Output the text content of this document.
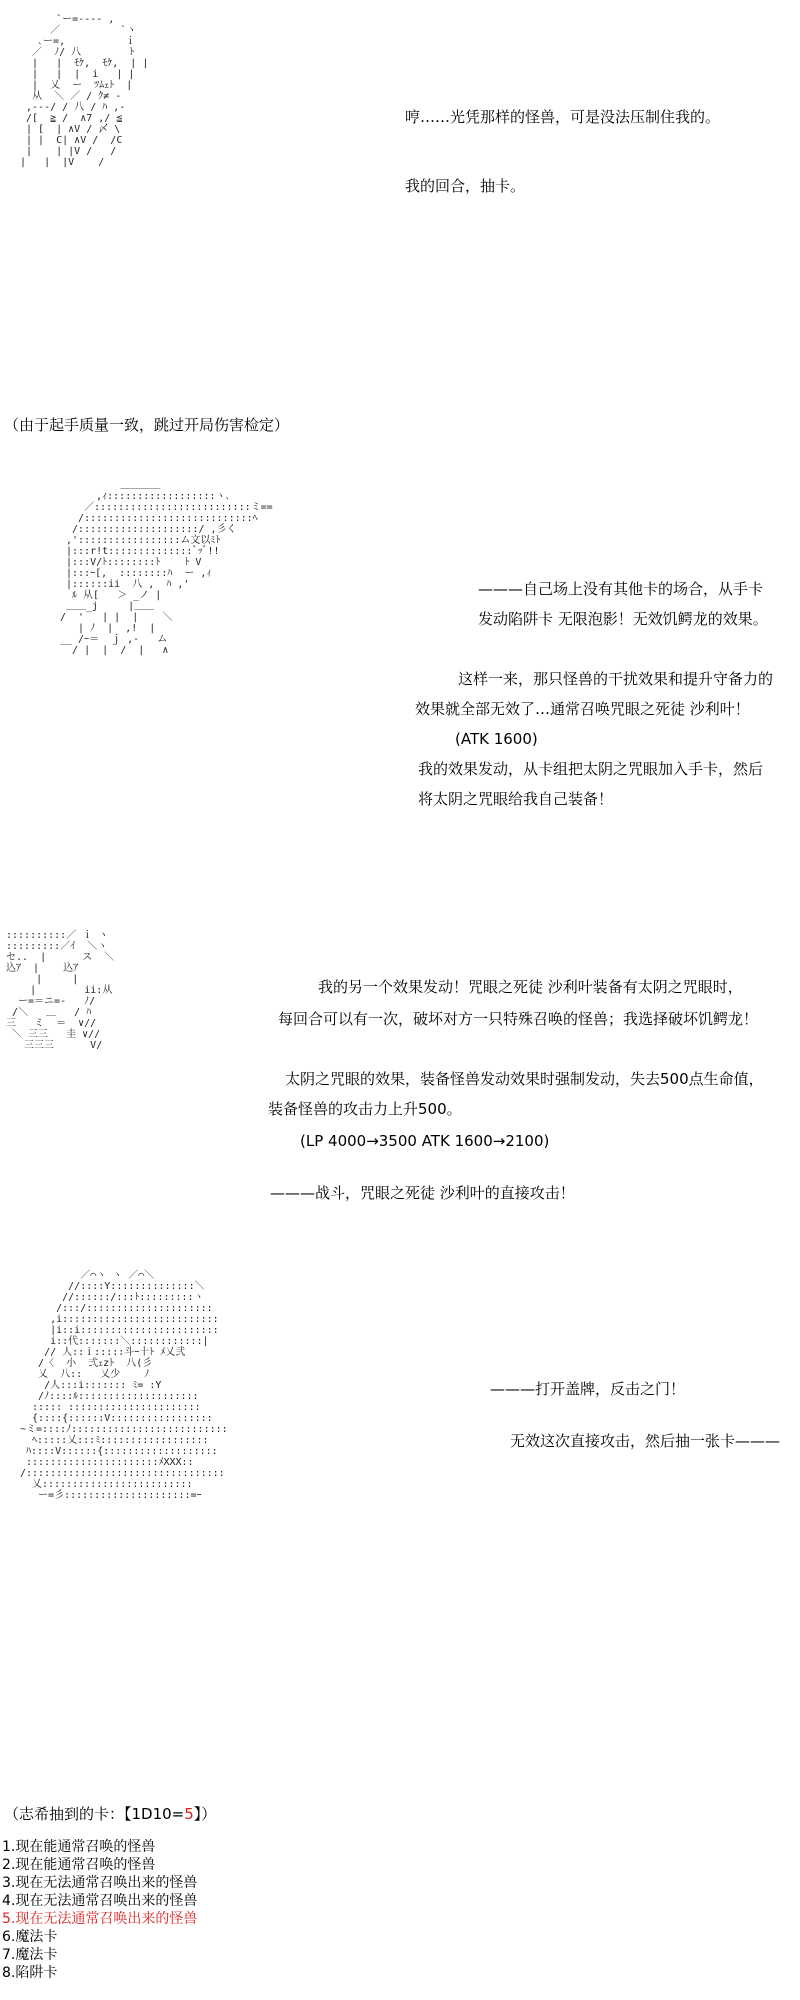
`ー=---‐ ,
／          `ヽ
､ー=,          ｉ
／  ﾉ/ 八        ﾄ
|   |  ﾓｹ,  ﾓｹ,  | |
|   |  |  i   | |
|  乂  ー  ﾂﾑｪﾄ  |
从  ＼ ／ / ｸ≠ ‐
,---/ / 八 / ﾊ ,-
/[  ≧ /  ∧7 ,/ ≦
| [  | ∧V / 〆 \
| |  C| ∧V /  /C
|    | |V /   /
|   |  |V    /

哼……光凭那样的怪兽，可是没法压制住我的。

我的回合，抽卡。

（由于起手质量一致，跳过开局伤害检定）

＿＿＿＿
,ｨ::::::::::::::::::ヽ､
／::::::::::::::::::::::::::ミ==
/::::::::::::::::::::::::::::ﾍ
/::::::::::::::::::::/ ,彡く
,':::::::::::::::::ム文以ﾐﾄ
|:::r!t::::::::::::::ﾞｯﾞ!!
|:::V/ﾄ::::::::ﾄ    ﾄ V
|:::ｰ[,  ::::::::ﾊ  ー ,ｨ
|::::::ii  八 ,  ﾊ ,'
ﾙ 从[   ＞ _ノ |
＿＿_j     |＿＿
/  '   | |  |    ＼
| ﾉ  |  ,!  |
__ /ｰ＝  ｊ ,-   ム
/ |  |  /  |   ∧

———自己场上没有其他卡的场合，从手卡

发动陷阱卡 无限泡影！无效饥鳄龙的效果。

这样一来，那只怪兽的干扰效果和提升守备力的

效果就全部无效了…通常召唤咒眼之死徒 沙利叶！

(ATK 1600)

我的效果发动，从卡组把太阴之咒眼加入手卡，然后

将太阴之咒眼给我自己装备！

::::::::::／ ｉ ヽ
:::::::::／ｲ  ＼ヽ
セ..  |      ス  ＼
込ｱ  |    込ｱ
|     |
|        ii:从
ー=＝ニ=-   ﾉ/
/＼   ＿   / ﾊ
三   ミ  ＝  ∨//
＼ 三三   圭 ∨//
三三三      V/

我的另一个效果发动！咒眼之死徒 沙利叶装备有太阴之咒眼时，

每回合可以有一次，破坏对方一只特殊召唤的怪兽；我选择破坏饥鳄龙！

太阴之咒眼的效果，装备怪兽发动效果时强制发动，失去500点生命值，

装备怪兽的攻击力上升500。

(LP 4000→3500 ATK 1600→2100)

———战斗，咒眼之死徒 沙利叶的直接攻击！

／⌒ヽ ヽ ／⌒＼
//::::Y::::::::::::::＼
//::::::/:::ﾄ:::::::::ヽ
/:::/:::::::::::::::::::::
,i::::::::::::::::::::::::::
|i::i:::::::::::::::::::::::
i::代:::::::＼::::::::::::|
// 人::ｉ:::::斗ｰ十ﾄ ﾒ乂弐
/〈  小  弍ｪzﾄ  八(彡
乂  八::   乂少    ﾉ
/人:::i::::::: ﾐ= :Y
/ﾉ::::ﾙ::::::::::::::::::::
::::: ::::::::::::::::::::::
{::::{::::::V:::::::::::::::::
~ミ=::::ﾉ::::::::::::::::::::::::::
ﾍ:::::乂:::ﾐ::::::::::::::::::
ﾊ::::V::::::{:::::::::::::::::::
::::::::::::::::::::::ﾒXXX::
/:::::::::::::::::::::::::::::::::
乂:::::::::::::::::::::::::
ー=彡:::::::::::::::::::::=ｰ

———打开盖牌，反击之门！

无效这次直接攻击，然后抽一张卡———

（志希抽到的卡：【1D10=5】）

1.现在能通常召唤的怪兽
2.现在能通常召唤的怪兽
3.现在无法通常召唤出来的怪兽
4.现在无法通常召唤出来的怪兽
5.现在无法通常召唤出来的怪兽
6.魔法卡
7.魔法卡
8.陷阱卡
